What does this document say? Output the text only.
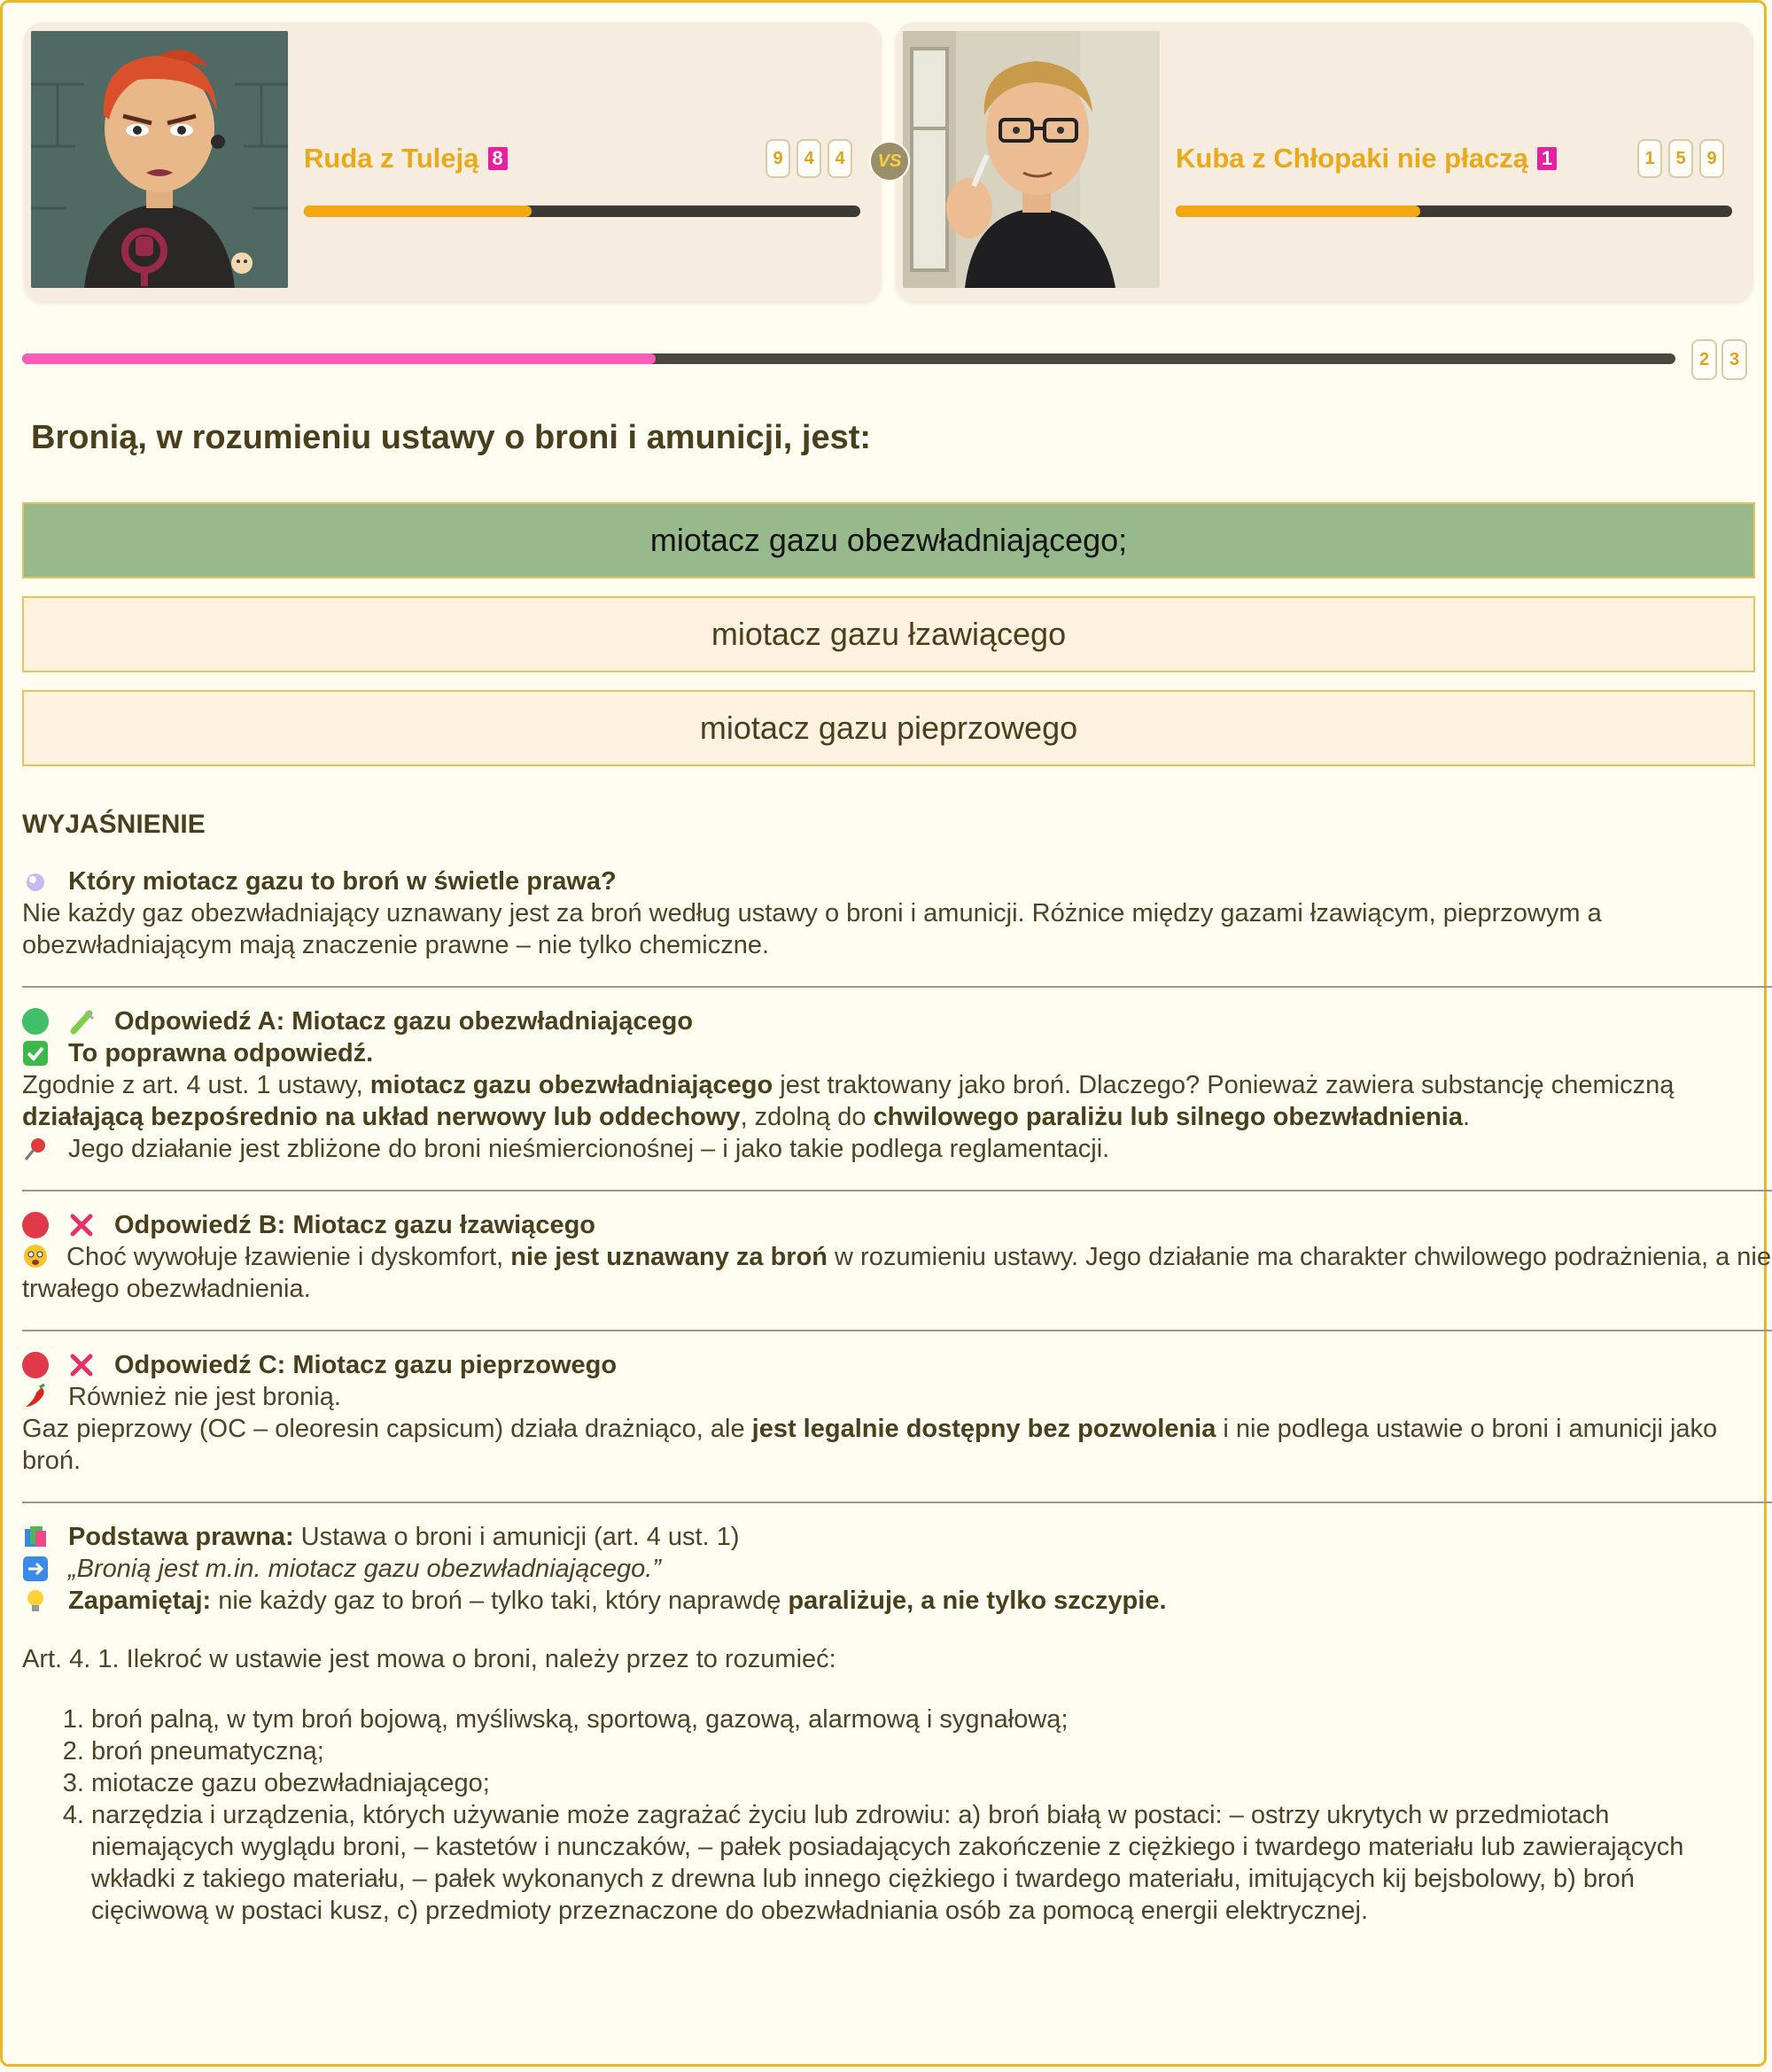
Ruda z Tuleją 8	9	4	4	VS	Kuba z Chłopaki nie płaczą 1	1	5	9
2	3
Bronią, w rozumieniu ustawy o broni i amunicji, jest:
miotacz gazu obezwładniającego;
miotacz gazu łzawiącego
miotacz gazu pieprzowego
WYJAŚNIENIE
Który miotacz gazu to broń w świetle prawa?
Nie każdy gaz obezwładniający uznawany jest za broń według ustawy o broni i amunicji. Różnice między gazami łzawiącym, pieprzowym a obezwładniającym mają znaczenie prawne – nie tylko chemiczne.
Odpowiedź A: Miotacz gazu obezwładniającego
To poprawna odpowiedź.
Zgodnie z art. 4 ust. 1 ustawy, miotacz gazu obezwładniającego jest traktowany jako broń. Dlaczego? Ponieważ zawiera substancję chemiczną działającą bezpośrednio na układ nerwowy lub oddechowy, zdolną do chwilowego paraliżu lub silnego obezwładnienia.
Jego działanie jest zbliżone do broni nieśmiercionośnej – i jako takie podlega reglamentacji.
Odpowiedź B: Miotacz gazu łzawiącego
Choć wywołuje łzawienie i dyskomfort, nie jest uznawany za broń w rozumieniu ustawy. Jego działanie ma charakter chwilowego podrażnienia, a nie trwałego obezwładnienia.
Odpowiedź C: Miotacz gazu pieprzowego
Również nie jest bronią.
Gaz pieprzowy (OC – oleoresin capsicum) działa drażniąco, ale jest legalnie dostępny bez pozwolenia i nie podlega ustawie o broni i amunicji jako broń.
Podstawa prawna: Ustawa o broni i amunicji (art. 4 ust. 1)
„Bronią jest m.in. miotacz gazu obezwładniającego.”
Zapamiętaj: nie każdy gaz to broń – tylko taki, który naprawdę paraliżuje, a nie tylko szczypie.
Art. 4. 1. Ilekroć w ustawie jest mowa o broni, należy przez to rozumieć:
1. broń palną, w tym broń bojową, myśliwską, sportową, gazową, alarmową i sygnałową;
2. broń pneumatyczną;
3. miotacze gazu obezwładniającego;
4. narzędzia i urządzenia, których używanie może zagrażać życiu lub zdrowiu: a) broń białą w postaci: – ostrzy ukrytych w przedmiotach niemających wyglądu broni, – kastetów i nunczaków, – pałek posiadających zakończenie z ciężkiego i twardego materiału lub zawierających wkładki z takiego materiału, – pałek wykonanych z drewna lub innego ciężkiego i twardego materiału, imitujących kij bejsbolowy, b) broń cięciwową w postaci kusz, c) przedmioty przeznaczone do obezwładniania osób za pomocą energii elektrycznej.
